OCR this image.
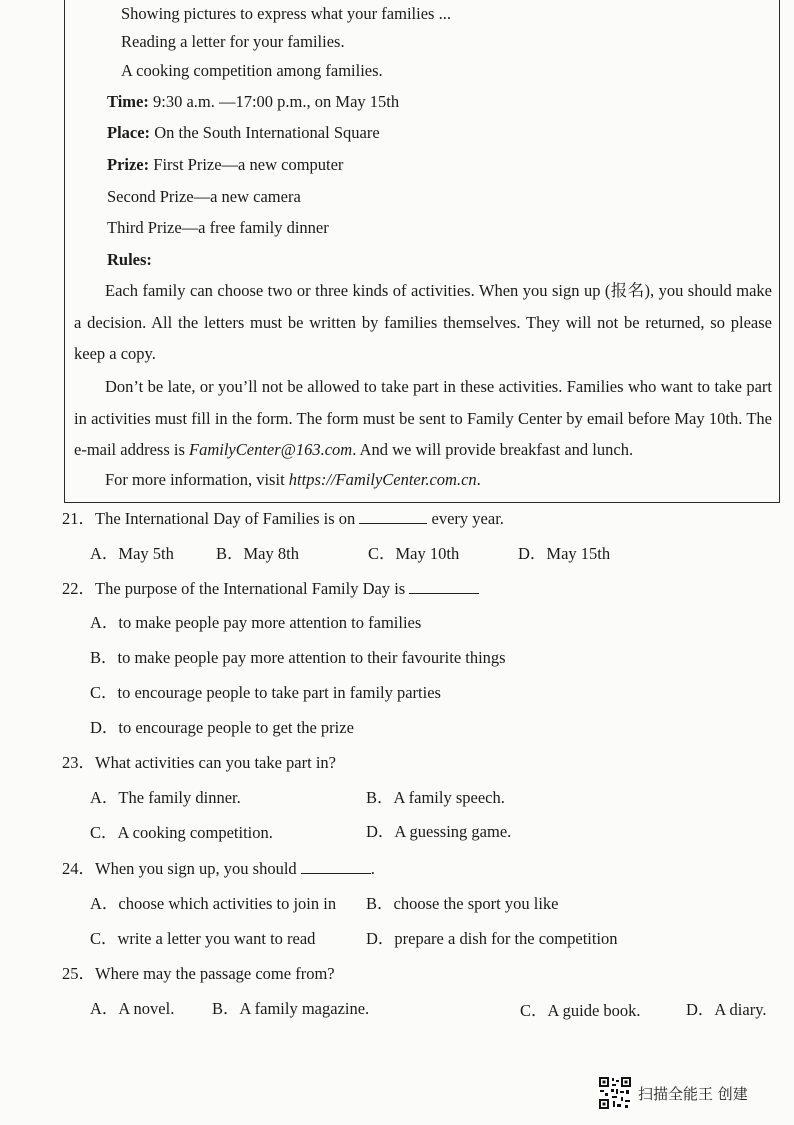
Showing pictures to express what your families ...
Reading a letter for your families.
A cooking competition among families.
Time: 9:30 a.m. —17:00 p.m., on May 15th
Place: On the South International Square
Prize: First Prize—a new computer
Second Prize—a new camera
Third Prize—a free family dinner
Rules:
Each family can choose two or three kinds of activities. When you sign up (报名), you should make a decision. All the letters must be written by families themselves. They will not be returned, so please keep a copy.
Don’t be late, or you’ll not be allowed to take part in these activities. Families who want to take part in activities must fill in the form. The form must be sent to Family Center by email before May 10th. The e-mail address is FamilyCenter@163.com. And we will provide breakfast and lunch.
For more information, visit https://FamilyCenter.com.cn.
21．The International Day of Families is on	every year.
A．May 5th	B．May 8th	C．May 10th	D．May 15th
22．The purpose of the International Family Day is
A．to make people pay more attention to families
B．to make people pay more attention to their favourite things
C．to encourage people to take part in family parties
D．to encourage people to get the prize
23．What activities can you take part in?
A．The family dinner.	B．A family speech.
C．A cooking competition.	D．A guessing game.
24．When you sign up, you should	.
A．choose which activities to join in B．choose the sport you like
C．write a letter you want to read	D．prepare a dish for the competition
25．Where may the passage come from?
A．A novel. B．A family magazine.	C．A guide book.	D．A diary.
扫描全能王 创建
